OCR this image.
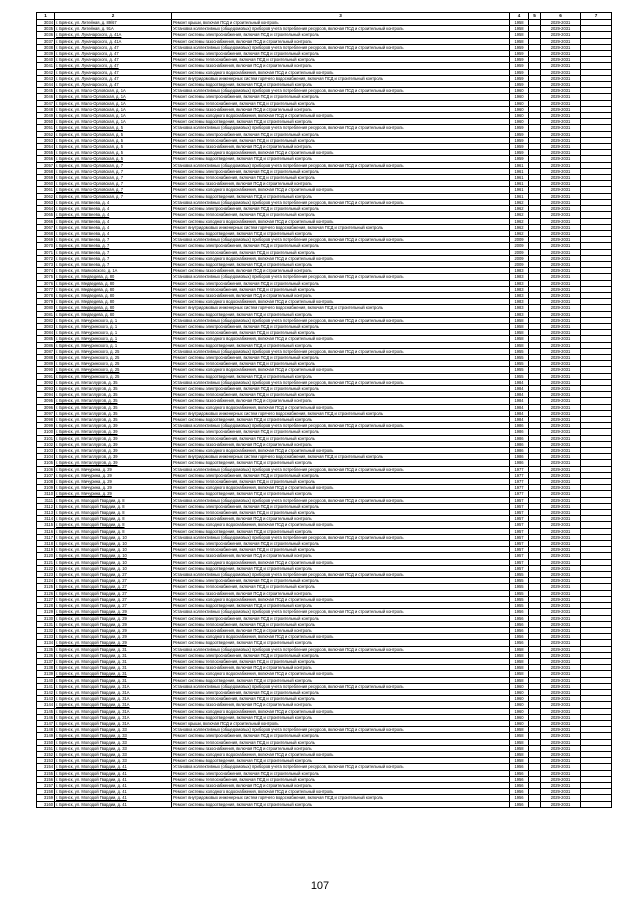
1	2	3	4	5	6	7
3034	г. Брянск, ул. Литейная, д. 89/67	Ремонт крыши, включая ПСД и строительный контроль	1958		2029-2031	
3035	г. Брянск, ул. Литейная, д. 91А	Установка коллективных (общедомовых) приборов учета потребления ресурсов, включая ПСД и строительный контроль	1958		2029-2031	
3036	г. Брянск, ул. Луначарского, д. 41А	Ремонт системы электроснабжения, включая ПСД и строительный контроль	1958		2029-2031	
3037	г. Брянск, ул. Луначарского, д. 41А	Ремонт системы газоснабжения, включая ПСД и строительный контроль	1958		2029-2031	
3038	г. Брянск, ул. Луначарского, д. 47	Установка коллективных (общедомовых) приборов учета потребления ресурсов, включая ПСД и строительный контроль	1959		2029-2031	
3039	г. Брянск, ул. Луначарского, д. 47	Ремонт системы электроснабжения, включая ПСД и строительный контроль	1959		2029-2031	
3040	г. Брянск, ул. Луначарского, д. 47	Ремонт системы теплоснабжения, включая ПСД и строительный контроль	1959		2029-2031	
3041	г. Брянск, ул. Луначарского, д. 47	Ремонт системы газоснабжения, включая ПСД и строительный контроль	1959		2029-2031	
3042	г. Брянск, ул. Луначарского, д. 47	Ремонт системы холодного водоснабжения, включая ПСД и строительный контроль	1959		2029-2031	
3043	г. Брянск, ул. Луначарского, д. 47	Ремонт внутридомовых инженерных систем горячего водоснабжения, включая ПСД и строительный контроль	1959		2029-2031	
3044	г. Брянск, ул. Луначарского, д. 47	Ремонт системы водоотведения, включая ПСД и строительный контроль	1959		2029-2031	
3045	г. Брянск, ул. Мало-Орловская, д. 1А	Установка коллективных (общедомовых) приборов учета потребления ресурсов, включая ПСД и строительный контроль	1960		2029-2031	
3046	г. Брянск, ул. Мало-Орловская, д. 1А	Ремонт системы электроснабжения, включая ПСД и строительный контроль	1960		2029-2031	
3047	г. Брянск, ул. Мало-Орловская, д. 1А	Ремонт системы теплоснабжения, включая ПСД и строительный контроль	1960		2029-2031	
3048	г. Брянск, ул. Мало-Орловская, д. 1А	Ремонт системы газоснабжения, включая ПСД и строительный контроль	1960		2029-2031	
3049	г. Брянск, ул. Мало-Орловская, д. 1А	Ремонт системы холодного водоснабжения, включая ПСД и строительный контроль	1960		2029-2031	
3050	г. Брянск, ул. Мало-Орловская, д. 1А	Ремонт системы водоотведения, включая ПСД и строительный контроль	1960		2029-2031	
3051	г. Брянск, ул. Мало-Орловская, д. 5	Установка коллективных (общедомовых) приборов учета потребления ресурсов, включая ПСД и строительный контроль	1959		2029-2031	
3052	г. Брянск, ул. Мало-Орловская, д. 5	Ремонт системы электроснабжения, включая ПСД и строительный контроль	1959		2029-2031	
3053	г. Брянск, ул. Мало-Орловская, д. 5	Ремонт системы теплоснабжения, включая ПСД и строительный контроль	1959		2029-2031	
3054	г. Брянск, ул. Мало-Орловская, д. 5	Ремонт системы газоснабжения, включая ПСД и строительный контроль	1959		2029-2031	
3055	г. Брянск, ул. Мало-Орловская, д. 5	Ремонт системы холодного водоснабжения, включая ПСД и строительный контроль	1959		2029-2031	
3056	г. Брянск, ул. Мало-Орловская, д. 5	Ремонт системы водоотведения, включая ПСД и строительный контроль	1959		2029-2031	
3057	г. Брянск, ул. Мало-Орловская, д. 7	Установка коллективных (общедомовых) приборов учета потребления ресурсов, включая ПСД и строительный контроль	1961		2029-2031	
3058	г. Брянск, ул. Мало-Орловская, д. 7	Ремонт системы электроснабжения, включая ПСД и строительный контроль	1961		2029-2031	
3059	г. Брянск, ул. Мало-Орловская, д. 7	Ремонт системы теплоснабжения, включая ПСД и строительный контроль	1961		2029-2031	
3060	г. Брянск, ул. Мало-Орловская, д. 7	Ремонт системы газоснабжения, включая ПСД и строительный контроль	1961		2029-2031	
3061	г. Брянск, ул. Мало-Орловская, д. 7	Ремонт системы холодного водоснабжения, включая ПСД и строительный контроль	1961		2029-2031	
3062	г. Брянск, ул. Мало-Орловская, д. 7	Ремонт системы водоотведения, включая ПСД и строительный контроль	1961		2029-2031	
3063	г. Брянск, ул. Матвеева, д. 4	Установка коллективных (общедомовых) приборов учета потребления ресурсов, включая ПСД и строительный контроль	1962		2029-2031	
3064	г. Брянск, ул. Матвеева, д. 4	Ремонт системы электроснабжения, включая ПСД и строительный контроль	1962		2029-2031	
3065	г. Брянск, ул. Матвеева, д. 4	Ремонт системы теплоснабжения, включая ПСД и строительный контроль	1962		2029-2031	
3066	г. Брянск, ул. Матвеева, д. 4	Ремонт системы холодного водоснабжения, включая ПСД и строительный контроль	1962		2029-2031	
3067	г. Брянск, ул. Матвеева, д. 4	Ремонт внутридомовых инженерных систем горячего водоснабжения, включая ПСД и строительный контроль	1962		2029-2031	
3068	г. Брянск, ул. Матвеева, д. 4	Ремонт системы водоотведения, включая ПСД и строительный контроль	1962		2029-2031	
3069	г. Брянск, ул. Матвеева, д. 7	Установка коллективных (общедомовых) приборов учета потребления ресурсов, включая ПСД и строительный контроль	2009		2029-2031	
3070	г. Брянск, ул. Матвеева, д. 7	Ремонт системы электроснабжения, включая ПСД и строительный контроль	2009		2029-2031	
3071	г. Брянск, ул. Матвеева, д. 7	Ремонт системы теплоснабжения, включая ПСД и строительный контроль	2009		2029-2031	
3072	г. Брянск, ул. Матвеева, д. 7	Ремонт системы холодного водоснабжения, включая ПСД и строительный контроль	2009		2029-2031	
3073	г. Брянск, ул. Матвеева, д. 7	Ремонт системы водоотведения, включая ПСД и строительный контроль	2009		2029-2031	
3074	г. Брянск, ул. Маяковского, д. 1А	Ремонт системы газоснабжения, включая ПСД и строительный контроль	1983		2029-2031	
3075	г. Брянск, ул. Медведева, д. 80	Установка коллективных (общедомовых) приборов учета потребления ресурсов, включая ПСД и строительный контроль	1983		2029-2031	
3076	г. Брянск, ул. Медведева, д. 80	Ремонт системы электроснабжения, включая ПСД и строительный контроль	1983		2029-2031	
3077	г. Брянск, ул. Медведева, д. 80	Ремонт системы теплоснабжения, включая ПСД и строительный контроль	1983		2029-2031	
3078	г. Брянск, ул. Медведева, д. 80	Ремонт системы газоснабжения, включая ПСД и строительный контроль	1983		2029-2031	
3079	г. Брянск, ул. Медведева, д. 80	Ремонт системы холодного водоснабжения, включая ПСД и строительный контроль	1983		2029-2031	
3080	г. Брянск, ул. Медведева, д. 80	Ремонт внутридомовых инженерных систем горячего водоснабжения, включая ПСД и строительный контроль	1983		2029-2031	
3081	г. Брянск, ул. Медведева, д. 80	Ремонт системы водоотведения, включая ПСД и строительный контроль	1983		2029-2031	
3082	г. Брянск, ул. Мичуринского, д. 1	Установка коллективных (общедомовых) приборов учета потребления ресурсов, включая ПСД и строительный контроль	1958		2029-2031	
3083	г. Брянск, ул. Мичуринского, д. 1	Ремонт системы электроснабжения, включая ПСД и строительный контроль	1958		2029-2031	
3084	г. Брянск, ул. Мичуринского, д. 1	Ремонт системы теплоснабжения, включая ПСД и строительный контроль	1958		2029-2031	
3085	г. Брянск, ул. Мичуринского, д. 1	Ремонт системы холодного водоснабжения, включая ПСД и строительный контроль	1958		2029-2031	
3086	г. Брянск, ул. Мичуринского, д. 1	Ремонт системы водоотведения, включая ПСД и строительный контроль	1958		2029-2031	
3087	г. Брянск, ул. Мичуринского, д. 25	Установка коллективных (общедомовых) приборов учета потребления ресурсов, включая ПСД и строительный контроль	1955		2029-2031	
3088	г. Брянск, ул. Мичуринского, д. 25	Ремонт системы электроснабжения, включая ПСД и строительный контроль	1955		2029-2031	
3089	г. Брянск, ул. Мичуринского, д. 25	Ремонт системы теплоснабжения, включая ПСД и строительный контроль	1955		2029-2031	
3090	г. Брянск, ул. Мичуринского, д. 25	Ремонт системы холодного водоснабжения, включая ПСД и строительный контроль	1955		2029-2031	
3091	г. Брянск, ул. Мичуринского, д. 25	Ремонт системы водоотведения, включая ПСД и строительный контроль	1955		2029-2031	
3092	г. Брянск, ул. Металлургов, д. 35	Установка коллективных (общедомовых) приборов учета потребления ресурсов, включая ПСД и строительный контроль	1984		2029-2031	
3093	г. Брянск, ул. Металлургов, д. 35	Ремонт системы электроснабжения, включая ПСД и строительный контроль	1984		2029-2031	
3094	г. Брянск, ул. Металлургов, д. 35	Ремонт системы теплоснабжения, включая ПСД и строительный контроль	1984		2029-2031	
3095	г. Брянск, ул. Металлургов, д. 35	Ремонт системы газоснабжения, включая ПСД и строительный контроль	1984		2029-2031	
3096	г. Брянск, ул. Металлургов, д. 35	Ремонт системы холодного водоснабжения, включая ПСД и строительный контроль	1984		2029-2031	
3097	г. Брянск, ул. Металлургов, д. 35	Ремонт внутридомовых инженерных систем горячего водоснабжения, включая ПСД и строительный контроль	1984		2029-2031	
3098	г. Брянск, ул. Металлургов, д. 35	Ремонт системы водоотведения, включая ПСД и строительный контроль	1984		2029-2031	
3099	г. Брянск, ул. Металлургов, д. 39	Установка коллективных (общедомовых) приборов учета потребления ресурсов, включая ПСД и строительный контроль	1986		2029-2031	
3100	г. Брянск, ул. Металлургов, д. 39	Ремонт системы электроснабжения, включая ПСД и строительный контроль	1986		2029-2031	
3101	г. Брянск, ул. Металлургов, д. 39	Ремонт системы теплоснабжения, включая ПСД и строительный контроль	1986		2029-2031	
3102	г. Брянск, ул. Металлургов, д. 39	Ремонт системы газоснабжения, включая ПСД и строительный контроль	1986		2029-2031	
3103	г. Брянск, ул. Металлургов, д. 39	Ремонт системы холодного водоснабжения, включая ПСД и строительный контроль	1986		2029-2031	
3104	г. Брянск, ул. Металлургов, д. 39	Ремонт внутридомовых инженерных систем горячего водоснабжения, включая ПСД и строительный контроль	1986		2029-2031	
3105	г. Брянск, ул. Металлургов, д. 39	Ремонт системы водоотведения, включая ПСД и строительный контроль	1986		2029-2031	
3106	г. Брянск, ул. Мичурина, д. 29	Установка коллективных (общедомовых) приборов учета потребления ресурсов, включая ПСД и строительный контроль	1977		2029-2031	
3107	г. Брянск, ул. Мичурина, д. 29	Ремонт системы электроснабжения, включая ПСД и строительный контроль	1977		2029-2031	
3108	г. Брянск, ул. Мичурина, д. 29	Ремонт системы теплоснабжения, включая ПСД и строительный контроль	1977		2029-2031	
3109	г. Брянск, ул. Мичурина, д. 29	Ремонт системы холодного водоснабжения, включая ПСД и строительный контроль	1977		2029-2031	
3110	г. Брянск, ул. Мичурина, д. 29	Ремонт системы водоотведения, включая ПСД и строительный контроль	1977		2029-2031	
3111	г. Брянск, ул. Молодой Гвардии, д. 8	Установка коллективных (общедомовых) приборов учета потребления ресурсов, включая ПСД и строительный контроль	1957		2029-2031	
3112	г. Брянск, ул. Молодой Гвардии, д. 8	Ремонт системы электроснабжения, включая ПСД и строительный контроль	1957		2029-2031	
3113	г. Брянск, ул. Молодой Гвардии, д. 8	Ремонт системы теплоснабжения, включая ПСД и строительный контроль	1957		2029-2031	
3114	г. Брянск, ул. Молодой Гвардии, д. 8	Ремонт системы газоснабжения, включая ПСД и строительный контроль	1957		2029-2031	
3115	г. Брянск, ул. Молодой Гвардии, д. 8	Ремонт системы холодного водоснабжения, включая ПСД и строительный контроль	1957		2029-2031	
3116	г. Брянск, ул. Молодой Гвардии, д. 8	Ремонт системы водоотведения, включая ПСД и строительный контроль	1957		2029-2031	
3117	г. Брянск, ул. Молодой Гвардии, д. 10	Установка коллективных (общедомовых) приборов учета потребления ресурсов, включая ПСД и строительный контроль	1957		2029-2031	
3118	г. Брянск, ул. Молодой Гвардии, д. 10	Ремонт системы электроснабжения, включая ПСД и строительный контроль	1957		2029-2031	
3119	г. Брянск, ул. Молодой Гвардии, д. 10	Ремонт системы теплоснабжения, включая ПСД и строительный контроль	1957		2029-2031	
3120	г. Брянск, ул. Молодой Гвардии, д. 10	Ремонт системы газоснабжения, включая ПСД и строительный контроль	1957		2029-2031	
3121	г. Брянск, ул. Молодой Гвардии, д. 10	Ремонт системы холодного водоснабжения, включая ПСД и строительный контроль	1957		2029-2031	
3122	г. Брянск, ул. Молодой Гвардии, д. 10	Ремонт системы водоотведения, включая ПСД и строительный контроль	1957		2029-2031	
3123	г. Брянск, ул. Молодой Гвардии, д. 27	Установка коллективных (общедомовых) приборов учета потребления ресурсов, включая ПСД и строительный контроль	1955		2029-2031	
3124	г. Брянск, ул. Молодой Гвардии, д. 27	Ремонт системы электроснабжения, включая ПСД и строительный контроль	1955		2029-2031	
3125	г. Брянск, ул. Молодой Гвардии, д. 27	Ремонт системы теплоснабжения, включая ПСД и строительный контроль	1955		2029-2031	
3126	г. Брянск, ул. Молодой Гвардии, д. 27	Ремонт системы газоснабжения, включая ПСД и строительный контроль	1955		2029-2031	
3127	г. Брянск, ул. Молодой Гвардии, д. 27	Ремонт системы холодного водоснабжения, включая ПСД и строительный контроль	1955		2029-2031	
3128	г. Брянск, ул. Молодой Гвардии, д. 27	Ремонт системы водоотведения, включая ПСД и строительный контроль	1955		2029-2031	
3129	г. Брянск, ул. Молодой Гвардии, д. 29	Установка коллективных (общедомовых) приборов учета потребления ресурсов, включая ПСД и строительный контроль	1956		2029-2031	
3130	г. Брянск, ул. Молодой Гвардии, д. 29	Ремонт системы электроснабжения, включая ПСД и строительный контроль	1956		2029-2031	
3131	г. Брянск, ул. Молодой Гвардии, д. 29	Ремонт системы теплоснабжения, включая ПСД и строительный контроль	1956		2029-2031	
3132	г. Брянск, ул. Молодой Гвардии, д. 29	Ремонт системы газоснабжения, включая ПСД и строительный контроль	1956		2029-2031	
3133	г. Брянск, ул. Молодой Гвардии, д. 29	Ремонт системы холодного водоснабжения, включая ПСД и строительный контроль	1956		2029-2031	
3134	г. Брянск, ул. Молодой Гвардии, д. 29	Ремонт системы водоотведения, включая ПСД и строительный контроль	1956		2029-2031	
3135	г. Брянск, ул. Молодой Гвардии, д. 31	Установка коллективных (общедомовых) приборов учета потребления ресурсов, включая ПСД и строительный контроль	1958		2029-2031	
3136	г. Брянск, ул. Молодой Гвардии, д. 31	Ремонт системы электроснабжения, включая ПСД и строительный контроль	1958		2029-2031	
3137	г. Брянск, ул. Молодой Гвардии, д. 31	Ремонт системы теплоснабжения, включая ПСД и строительный контроль	1958		2029-2031	
3138	г. Брянск, ул. Молодой Гвардии, д. 31	Ремонт системы газоснабжения, включая ПСД и строительный контроль	1958		2029-2031	
3139	г. Брянск, ул. Молодой Гвардии, д. 31	Ремонт системы холодного водоснабжения, включая ПСД и строительный контроль	1958		2029-2031	
3140	г. Брянск, ул. Молодой Гвардии, д. 31	Ремонт системы водоотведения, включая ПСД и строительный контроль	1958		2029-2031	
3141	г. Брянск, ул. Молодой Гвардии, д. 31А	Установка коллективных (общедомовых) приборов учета потребления ресурсов, включая ПСД и строительный контроль	1960		2029-2031	
3142	г. Брянск, ул. Молодой Гвардии, д. 31А	Ремонт системы электроснабжения, включая ПСД и строительный контроль	1960		2029-2031	
3143	г. Брянск, ул. Молодой Гвардии, д. 31А	Ремонт системы теплоснабжения, включая ПСД и строительный контроль	1960		2029-2031	
3144	г. Брянск, ул. Молодой Гвардии, д. 31А	Ремонт системы газоснабжения, включая ПСД и строительный контроль	1960		2029-2031	
3145	г. Брянск, ул. Молодой Гвардии, д. 31А	Ремонт системы холодного водоснабжения, включая ПСД и строительный контроль	1960		2029-2031	
3146	г. Брянск, ул. Молодой Гвардии, д. 31А	Ремонт системы водоотведения, включая ПСД и строительный контроль	1960		2029-2031	
3147	г. Брянск, ул. Молодой Гвардии, д. 31А	Ремонт крыши, включая ПСД и строительный контроль	1960		2029-2031	
3148	г. Брянск, ул. Молодой Гвардии, д. 33	Установка коллективных (общедомовых) приборов учета потребления ресурсов, включая ПСД и строительный контроль	1958		2029-2031	
3149	г. Брянск, ул. Молодой Гвардии, д. 33	Ремонт системы электроснабжения, включая ПСД и строительный контроль	1958		2029-2031	
3150	г. Брянск, ул. Молодой Гвардии, д. 33	Ремонт системы теплоснабжения, включая ПСД и строительный контроль	1958		2029-2031	
3151	г. Брянск, ул. Молодой Гвардии, д. 33	Ремонт системы газоснабжения, включая ПСД и строительный контроль	1958		2029-2031	
3152	г. Брянск, ул. Молодой Гвардии, д. 33	Ремонт системы холодного водоснабжения, включая ПСД и строительный контроль	1958		2029-2031	
3153	г. Брянск, ул. Молодой Гвардии, д. 33	Ремонт системы водоотведения, включая ПСД и строительный контроль	1958		2029-2031	
3154	г. Брянск, ул. Молодой Гвардии, д. 41	Установка коллективных (общедомовых) приборов учета потребления ресурсов, включая ПСД и строительный контроль	1956		2029-2031	
3155	г. Брянск, ул. Молодой Гвардии, д. 41	Ремонт системы электроснабжения, включая ПСД и строительный контроль	1956		2029-2031	
3156	г. Брянск, ул. Молодой Гвардии, д. 41	Ремонт системы теплоснабжения, включая ПСД и строительный контроль	1956		2029-2031	
3157	г. Брянск, ул. Молодой Гвардии, д. 41	Ремонт системы газоснабжения, включая ПСД и строительный контроль	1956		2029-2031	
3158	г. Брянск, ул. Молодой Гвардии, д. 41	Ремонт системы холодного водоснабжения, включая ПСД и строительный контроль	1956		2029-2031	
3159	г. Брянск, ул. Молодой Гвардии, д. 41	Ремонт внутридомовых инженерных систем горячего водоснабжения, включая ПСД и строительный контроль	1956		2029-2031	
3160	г. Брянск, ул. Молодой Гвардии, д. 41	Ремонт системы водоотведения, включая ПСД и строительный контроль	1956		2029-2031	
107
